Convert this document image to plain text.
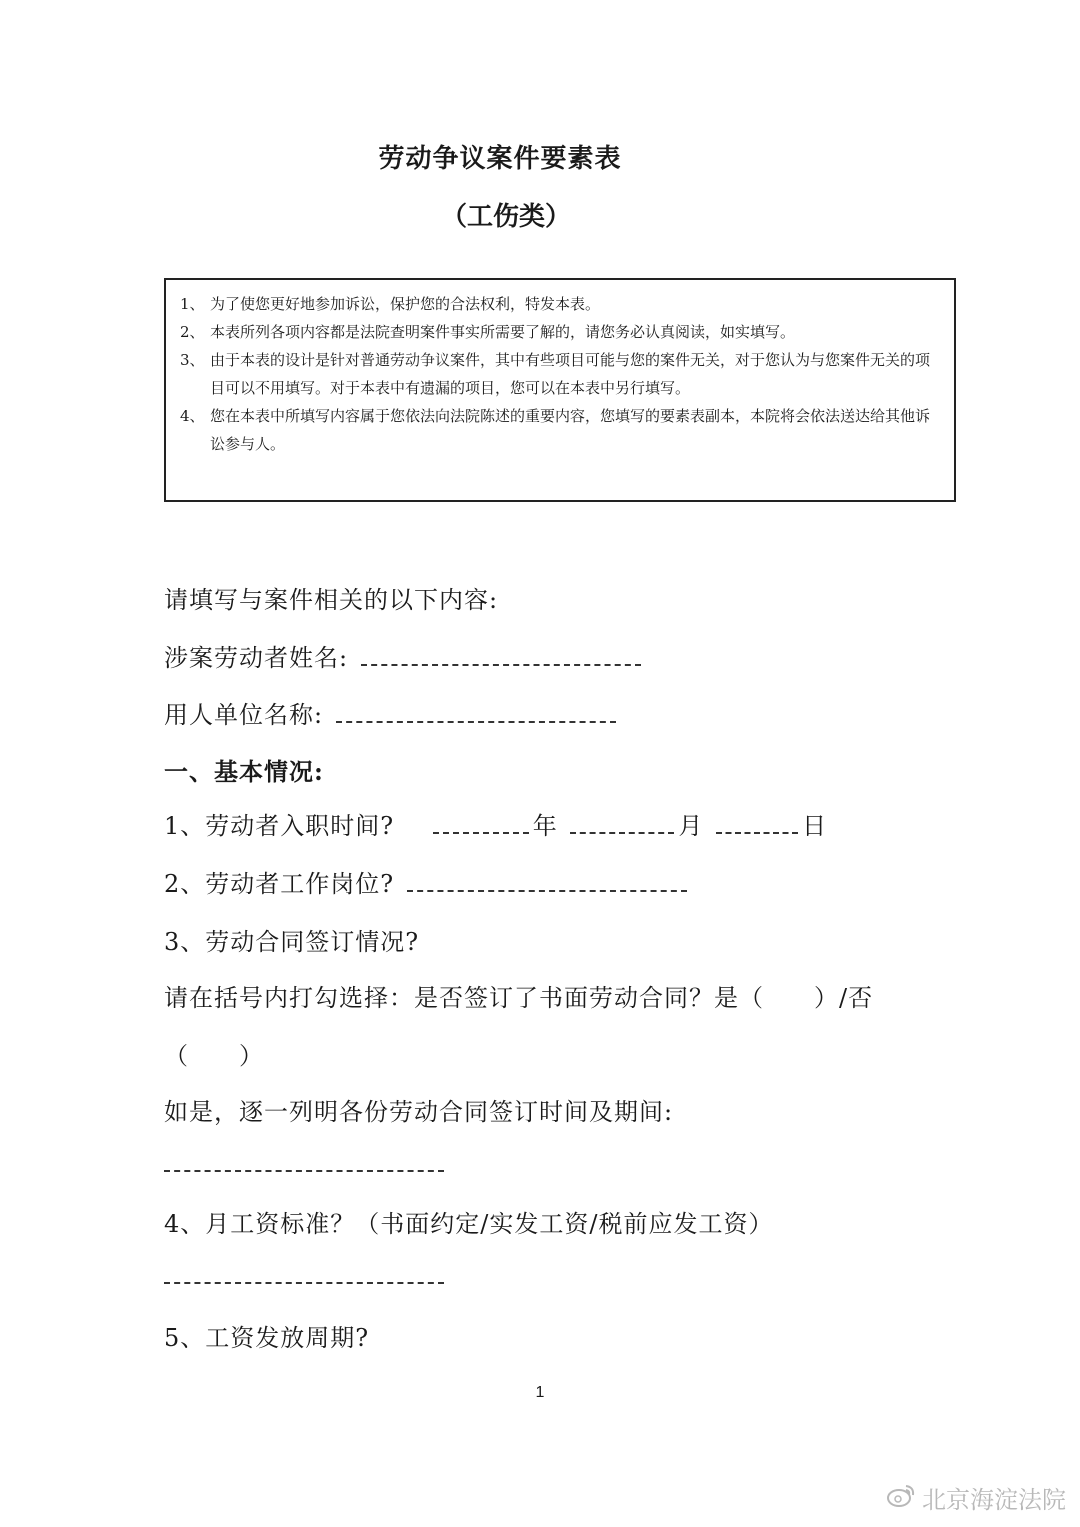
劳动争议案件要素表
（工伤类）
1、 为了使您更好地参加诉讼，保护您的合法权利，特发本表。
2、 本表所列各项内容都是法院查明案件事实所需要了解的，请您务必认真阅读，如实填写。
3、 由于本表的设计是针对普通劳动争议案件，其中有些项目可能与您的案件无关，对于您认为与您案件无关的项目可以不用填写。对于本表中有遗漏的项目，您可以在本表中另行填写。
4、 您在本表中所填写内容属于您依法向法院陈述的重要内容，您填写的要素表副本，本院将会依法送达给其他诉讼参与人。
请填写与案件相关的以下内容:
涉案劳动者姓名:
用人单位名称:
一、基本情况:
1、劳动者入职时间?	年	月	日
2、劳动者工作岗位?
3、劳动合同签订情况?
请在括号内打勾选择：是否签订了书面劳动合同？是（　　）/否
（　　）
如是，逐一列明各份劳动合同签订时间及期间:
4、月工资标准？（书面约定/实发工资/税前应发工资）
5、工资发放周期?
1
北京海淀法院
